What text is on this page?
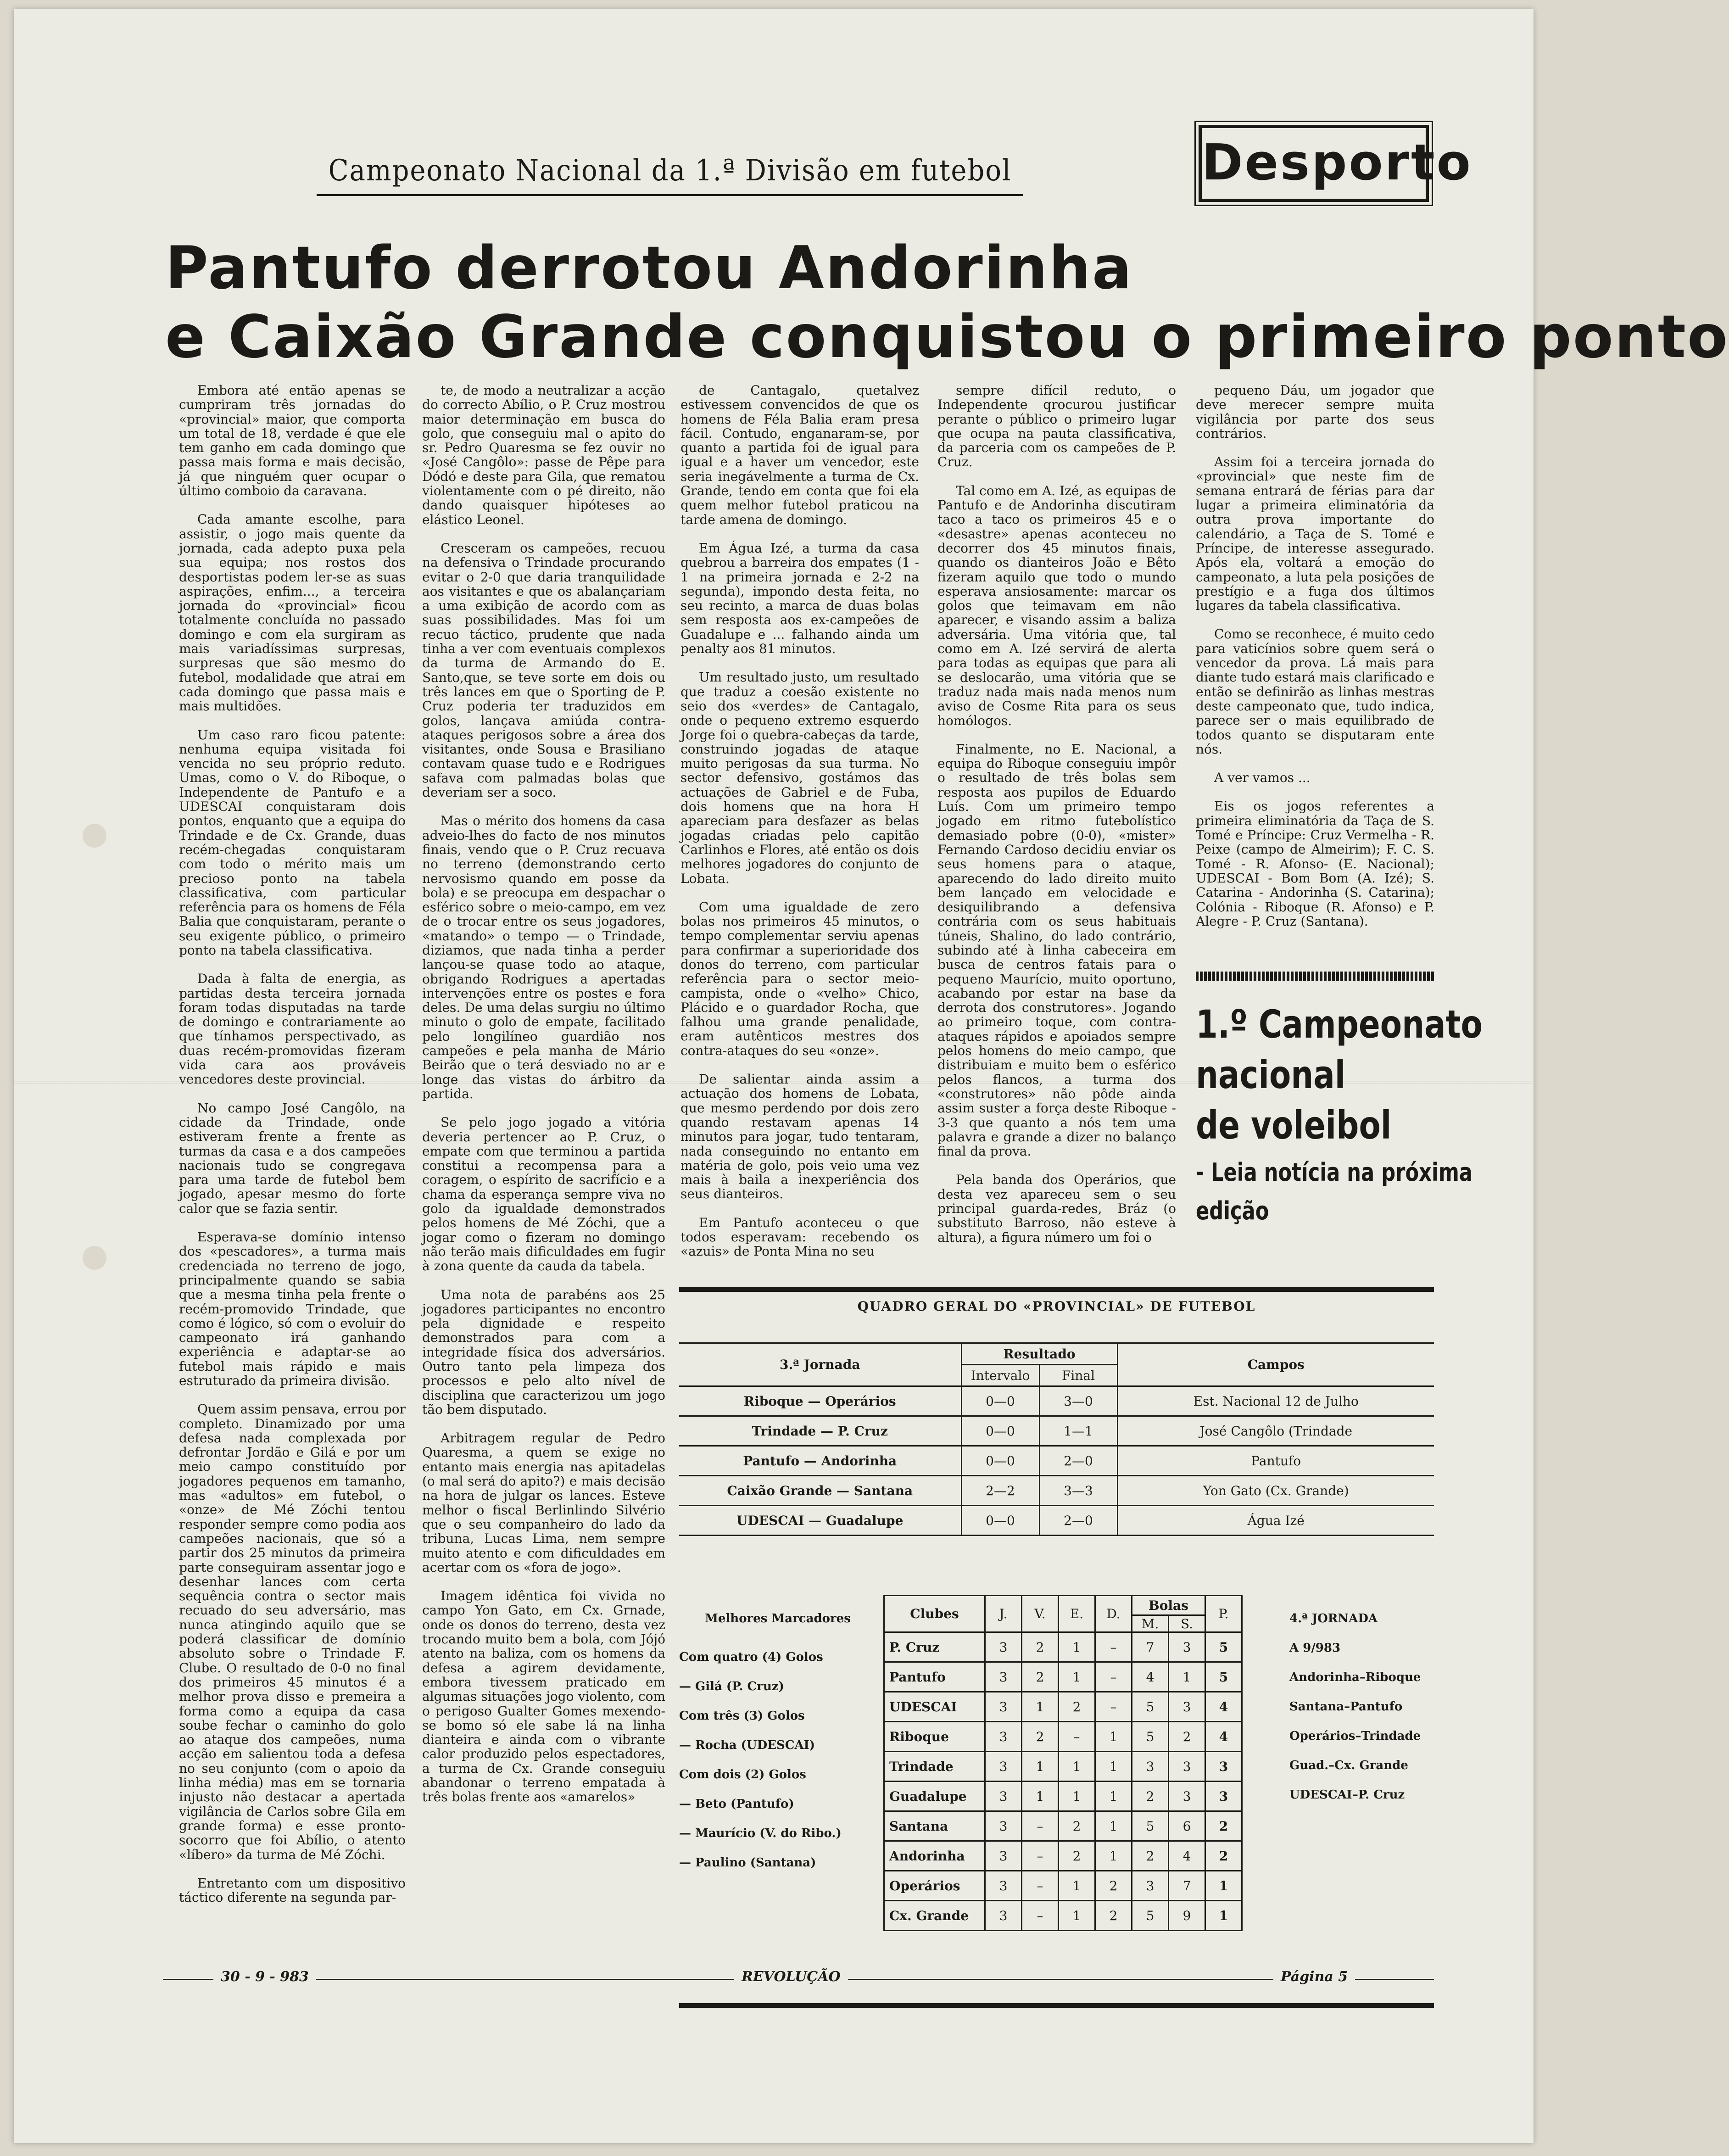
Campeonato Nacional da 1.ª Divisão em futebol	Desporto
Pantufo derrotou Andorinha
e Caixão Grande conquistou o primeiro ponto

Embora até então apenas se cumpriram três jornadas do «provincial» maior, que comporta um total de 18, verdade é que ele tem ganho em cada domingo que passa mais forma e mais decisão, já que ninguém quer ocupar o último comboio da caravana.

Cada amante escolhe, para assistir, o jogo mais quente da jornada, cada adepto puxa pela sua equipa; nos rostos dos desportistas podem ler-se as suas aspirações, enfim..., a terceira jornada do «provincial» ficou totalmente concluída no passado domingo e com ela surgiram as mais variadíssimas surpresas, surpresas que são mesmo do futebol, modalidade que atrai em cada domingo que passa mais e mais multidões.

Um caso raro ficou patente: nenhuma equipa visitada foi vencida no seu próprio reduto. Umas, como o V. do Riboque, o Independente de Pantufo e a UDESCAI conquistaram dois pontos, enquanto que a equipa do Trindade e de Cx. Grande, duas recém-chegadas conquistaram com todo o mérito mais um precioso ponto na tabela classificativa, com particular referência para os homens de Féla Balia que conquistaram, perante o seu exigente público, o primeiro ponto na tabela classificativa.

Dada à falta de energia, as partidas desta terceira jornada foram todas disputadas na tarde de domingo e contrariamente ao que tínhamos perspectivado, as duas recém-promovidas fizeram vida cara aos prováveis vencedores deste provincial.

No campo José Cangôlo, na cidade da Trindade, onde estiveram frente a frente as turmas da casa e a dos campeões nacionais tudo se congregava para uma tarde de futebol bem jogado, apesar mesmo do forte calor que se fazia sentir.

Esperava-se domínio intenso dos «pescadores», a turma mais credenciada no terreno de jogo, principalmente quando se sabia que a mesma tinha pela frente o recém-promovido Trindade, que como é lógico, só com o evoluir do campeonato irá ganhando experiência e adaptar-se ao futebol mais rápido e mais estruturado da primeira divisão.

Quem assim pensava, errou por completo. Dinamizado por uma defesa nada complexada por defrontar Jordão e Gilá e por um meio campo constituído por jogadores pequenos em tamanho, mas «adultos» em futebol, o «onze» de Mé Zóchi tentou responder sempre como podia aos campeões nacionais, que só a partir dos 25 minutos da primeira parte conseguiram assentar jogo e desenhar lances com certa sequência contra o sector mais recuado do seu adversário, mas nunca atingindo aquilo que se poderá classificar de domínio absoluto sobre o Trindade F. Clube. O resultado de 0-0 no final dos primeiros 45 minutos é a melhor prova disso e premeira a forma como a equipa da casa soube fechar o caminho do golo ao ataque dos campeões, numa acção em salientou toda a defesa no seu conjunto (com o apoio da linha média) mas em se tornaria injusto não destacar a apertada vigilância de Carlos sobre Gila em grande forma) e esse pronto-socorro que foi Abílio, o atento «líbero» da turma de Mé Zóchi.

Entretanto com um dispositivo táctico diferente na segunda par-

te, de modo a neutralizar a acção do correcto Abílio, o P. Cruz mostrou maior determinação em busca do golo, que conseguiu mal o apito do sr. Pedro Quaresma se fez ouvir no «José Cangôlo»: passe de Pêpe para Dódó e deste para Gila, que rematou violentamente com o pé direito, não dando quaisquer hipóteses ao elástico Leonel.

Cresceram os campeões, recuou na defensiva o Trindade procurando evitar o 2-0 que daria tranquilidade aos visitantes e que os abalançariam a uma exibição de acordo com as suas possibilidades. Mas foi um recuo táctico, prudente que nada tinha a ver com eventuais complexos da turma de Armando do E. Santo,que, se teve sorte em dois ou três lances em que o Sporting de P. Cruz poderia ter traduzidos em golos, lançava amiúda contra-ataques perigosos sobre a área dos visitantes, onde Sousa e Brasiliano contavam quase tudo e e Rodrigues safava com palmadas bolas que deveriam ser a soco.

Mas o mérito dos homens da casa adveio-lhes do facto de nos minutos finais, vendo que o P. Cruz recuava no terreno (demonstrando certo nervosismo quando em posse da bola) e se preocupa em despachar o esférico sobre o meio-campo, em vez de o trocar entre os seus jogadores, «matando» o tempo — o Trindade, diziamos, que nada tinha a perder lançou-se quase todo ao ataque, obrigando Rodrigues a apertadas intervenções entre os postes e fora deles. De uma delas surgiu no último minuto o golo de empate, facilitado pelo longilíneo guardião nos campeões e pela manha de Mário Beirão que o terá desviado no ar e longe das vistas do árbitro da partida.

Se pelo jogo jogado a vitória deveria pertencer ao P. Cruz, o empate com que terminou a partida constitui a recompensa para a coragem, o espírito de sacrifício e a chama da esperança sempre viva no golo da igualdade demonstrados pelos homens de Mé Zóchi, que a jogar como o fizeram no domingo não terão mais dificuldades em fugir à zona quente da cauda da tabela.

Uma nota de parabéns aos 25 jogadores participantes no encontro pela dignidade e respeito demonstrados para com a integridade física dos adversários. Outro tanto pela limpeza dos processos e pelo alto nível de disciplina que caracterizou um jogo tão bem disputado.

Arbitragem regular de Pedro Quaresma, a quem se exige no entanto mais energia nas apitadelas (o mal será do apito?) e mais decisão na hora de julgar os lances. Esteve melhor o fiscal Berlinlindo Silvério que o seu companheiro do lado da tribuna, Lucas Lima, nem sempre muito atento e com dificuldades em acertar com os «fora de jogo».

Imagem idêntica foi vivida no campo Yon Gato, em Cx. Grnade, onde os donos do terreno, desta vez trocando muito bem a bola, com Jójó atento na baliza, com os homens da defesa a agirem devidamente, embora tivessem praticado em algumas situações jogo violento, com o perigoso Gualter Gomes mexendo-se bomo só ele sabe lá na linha dianteira e ainda com o vibrante calor produzido pelos espectadores, a turma de Cx. Grande conseguiu abandonar o terreno empatada à três bolas frente aos «amarelos»

de Cantagalo, quetalvez estivessem convencidos de que os homens de Féla Balia eram presa fácil. Contudo, enganaram-se, por quanto a partida foi de igual para igual e a haver um vencedor, este seria inegávelmente a turma de Cx. Grande, tendo em conta que foi ela quem melhor futebol praticou na tarde amena de domingo.

Em Água Izé, a turma da casa quebrou a barreira dos empates (1 - 1 na primeira jornada e 2-2 na segunda), impondo desta feita, no seu recinto, a marca de duas bolas sem resposta aos ex-campeões de Guadalupe e ... falhando ainda um penalty aos 81 minutos.

Um resultado justo, um resultado que traduz a coesão existente no seio dos «verdes» de Cantagalo, onde o pequeno extremo esquerdo Jorge foi o quebra-cabeças da tarde, construindo jogadas de ataque muito perigosas da sua turma. No sector defensivo, gostámos das actuações de Gabriel e de Fuba, dois homens que na hora H apareciam para desfazer as belas jogadas criadas pelo capitão Carlinhos e Flores, até então os dois melhores jogadores do conjunto de Lobata.

Com uma igualdade de zero bolas nos primeiros 45 minutos, o tempo complementar serviu apenas para confirmar a superioridade dos donos do terreno, com particular referência para o sector meio-campista, onde o «velho» Chico, Plácido e o guardador Rocha, que falhou uma grande penalidade, eram autênticos mestres dos contra-ataques do seu «onze».

De salientar ainda assim a actuação dos homens de Lobata, que mesmo perdendo por dois zero quando restavam apenas 14 minutos para jogar, tudo tentaram, nada conseguindo no entanto em matéria de golo, pois veio uma vez mais à baila a inexperiência dos seus dianteiros.

Em Pantufo aconteceu o que todos esperavam: recebendo os «azuis» de Ponta Mina no seu

sempre difícil reduto, o Independente qrocurou justificar perante o público o primeiro lugar que ocupa na pauta classificativa, da parceria com os campeões de P. Cruz.

Tal como em A. Izé, as equipas de Pantufo e de Andorinha discutiram taco a taco os primeiros 45 e o «desastre» apenas aconteceu no decorrer dos 45 minutos finais, quando os dianteiros João e Bêto fizeram aquilo que todo o mundo esperava ansiosamente: marcar os golos que teimavam em não aparecer, e visando assim a baliza adversária. Uma vitória que, tal como em A. Izé servirá de alerta para todas as equipas que para ali se deslocarão, uma vitória que se traduz nada mais nada menos num aviso de Cosme Rita para os seus homólogos.

Finalmente, no E. Nacional, a equipa do Riboque conseguiu impôr o resultado de três bolas sem resposta aos pupilos de Eduardo Luís. Com um primeiro tempo jogado em ritmo futebolístico demasiado pobre (0-0), «mister» Fernando Cardoso decidiu enviar os seus homens para o ataque, aparecendo do lado direito muito bem lançado em velocidade e desiquilibrando a defensiva contrária com os seus habituais túneis, Shalino, do lado contrário, subindo até à linha cabeceira em busca de centros fatais para o pequeno Maurício, muito oportuno, acabando por estar na base da derrota dos construtores». Jogando ao primeiro toque, com contra-ataques rápidos e apoiados sempre pelos homens do meio campo, que distribuiam e muito bem o esférico pelos flancos, a turma dos «construtores» não pôde ainda assim suster a força deste Riboque - 3-3 que quanto a nós tem uma palavra e grande a dizer no balanço final da prova.

Pela banda dos Operários, que desta vez apareceu sem o seu principal guarda-redes, Bráz (o substituto Barroso, não esteve à altura), a figura número um foi o

pequeno Dáu, um jogador que deve merecer sempre muita vigilância por parte dos seus contrários.

Assim foi a terceira jornada do «provincial» que neste fim de semana entrará de férias para dar lugar a primeira eliminatória da outra prova importante do calendário, a Taça de S. Tomé e Príncipe, de interesse assegurado. Após ela, voltará a emoção do campeonato, a luta pela posições de prestígio e a fuga dos últimos lugares da tabela classificativa.

Como se reconhece, é muito cedo para vaticínios sobre quem será o vencedor da prova. Lá mais para diante tudo estará mais clarificado e então se definirão as linhas mestras deste campeonato que, tudo indica, parece ser o mais equilibrado de todos quanto se disputaram ente nós.

A ver vamos ...

Eis os jogos referentes a primeira eliminatória da Taça de S. Tomé e Príncipe: Cruz Vermelha - R. Peixe (campo de Almeirim); F. C. S. Tomé - R. Afonso- (E. Nacional); UDESCAI - Bom Bom (A. Izé); S. Catarina - Andorinha (S. Catarina); Colónia - Riboque (R. Afonso) e P. Alegre - P. Cruz (Santana).

1.º Campeonato
nacional
de voleibol
- Leia notícia na próxima
edição
QUADRO GERAL DO «PROVINCIAL» DE FUTEBOL
3.ª Jornada	Resultado		Campos
	Intervalo	Final	
Riboque — Operários	0—0	3—0	Est. Nacional 12 de Julho
Trindade — P. Cruz	0—0	1—1	José Cangôlo (Trindade
Pantufo — Andorinha	0—0	2—0	Pantufo
Caixão Grande — Santana	2—2	3—3	Yon Gato (Cx. Grande)
UDESCAI — Guadalupe	0—0	2—0	Água Izé
Melhores Marcadores
Com quatro (4) Golos
— Gilá (P. Cruz)
Com três (3) Golos
— Rocha (UDESCAI)
Com dois (2) Golos
— Beto (Pantufo)
— Maurício (V. do Ribo.)
— Paulino (Santana)
Clubes	J.	V.	E.	D.	Bolas		P.
					M.	S.	
P. Cruz	3	2	1	–	7	3	5
Pantufo	3	2	1	–	4	1	5
UDESCAI	3	1	2	–	5	3	4
Riboque	3	2	–	1	5	2	4
Trindade	3	1	1	1	3	3	3
Guadalupe	3	1	1	1	2	3	3
Santana	3	–	2	1	5	6	2
Andorinha	3	–	2	1	2	4	2
Operários	3	–	1	2	3	7	1
Cx. Grande	3	–	1	2	5	9	1
4.ª JORNADA
A 9/983
Andorinha–Riboque
Santana–Pantufo
Operários–Trindade
Guad.–Cx. Grande
UDESCAI–P. Cruz
30 - 9 - 983	REVOLUÇÃO	Página 5
